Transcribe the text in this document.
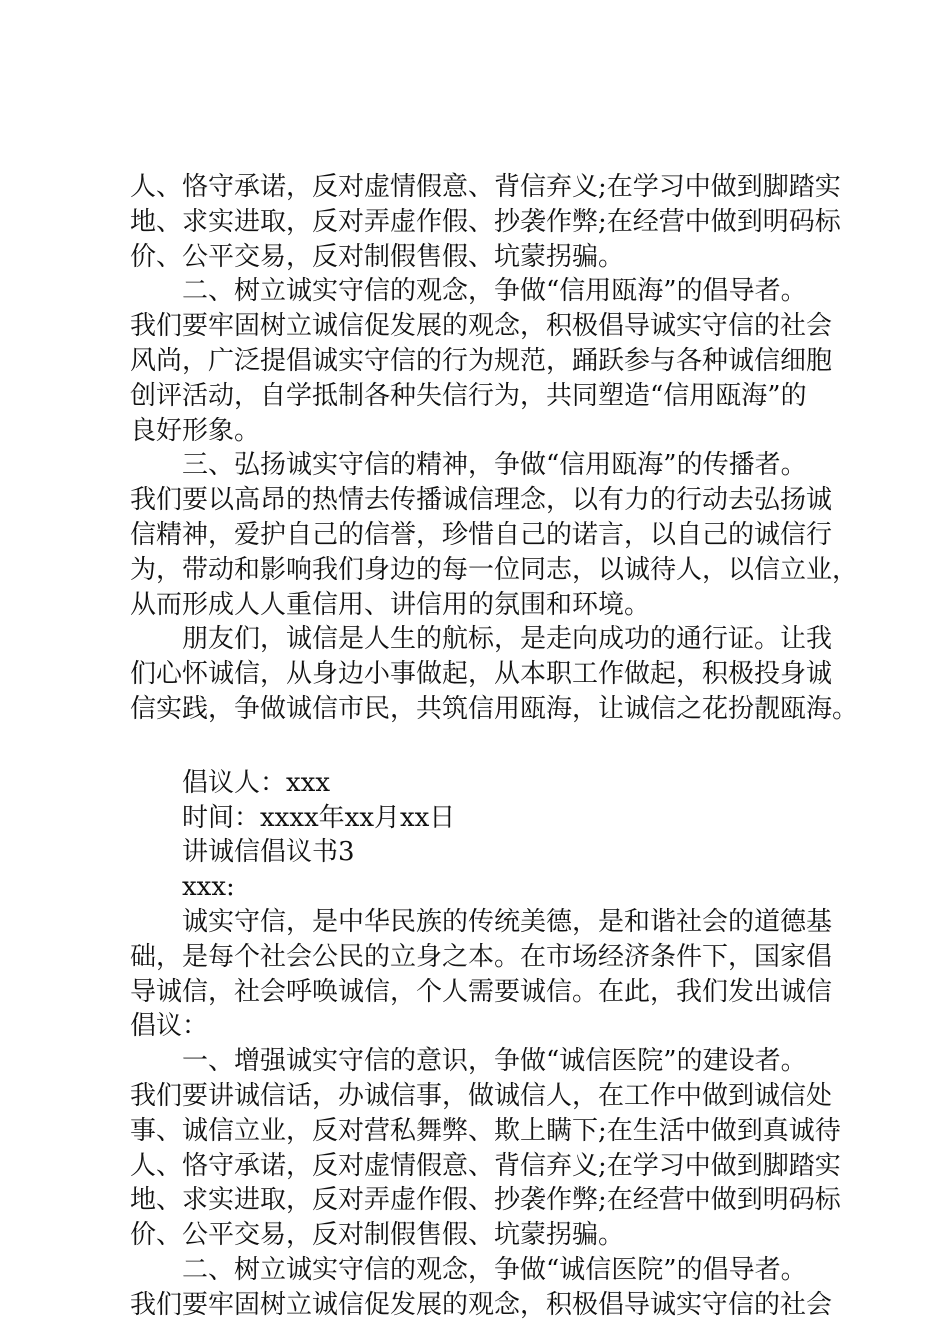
人、恪守承诺，反对虚情假意、背信弃义;在学习中做到脚踏实
地、求实进取，反对弄虚作假、抄袭作弊;在经营中做到明码标
价、公平交易，反对制假售假、坑蒙拐骗。
二、树立诚实守信的观念，争做“信用瓯海”的倡导者。
我们要牢固树立诚信促发展的观念，积极倡导诚实守信的社会
风尚，广泛提倡诚实守信的行为规范，踊跃参与各种诚信细胞
创评活动，自学抵制各种失信行为，共同塑造“信用瓯海”的
良好形象。
三、弘扬诚实守信的精神，争做“信用瓯海”的传播者。
我们要以高昂的热情去传播诚信理念，以有力的行动去弘扬诚
信精神，爱护自己的信誉，珍惜自己的诺言，以自己的诚信行
为，带动和影响我们身边的每一位同志，以诚待人，以信立业，
从而形成人人重信用、讲信用的氛围和环境。
朋友们，诚信是人生的航标，是走向成功的通行证。让我
们心怀诚信，从身边小事做起，从本职工作做起，积极投身诚
信实践，争做诚信市民，共筑信用瓯海，让诚信之花扮靓瓯海。
倡议人：xxx
时间：xxxx年xx月xx日
讲诚信倡议书3
xxx:
诚实守信，是中华民族的传统美德，是和谐社会的道德基
础，是每个社会公民的立身之本。在市场经济条件下，国家倡
导诚信，社会呼唤诚信，个人需要诚信。在此，我们发出诚信
倡议：
一、增强诚实守信的意识，争做“诚信医院”的建设者。
我们要讲诚信话，办诚信事，做诚信人，在工作中做到诚信处
事、诚信立业，反对营私舞弊、欺上瞒下;在生活中做到真诚待
人、恪守承诺，反对虚情假意、背信弃义;在学习中做到脚踏实
地、求实进取，反对弄虚作假、抄袭作弊;在经营中做到明码标
价、公平交易，反对制假售假、坑蒙拐骗。
二、树立诚实守信的观念，争做“诚信医院”的倡导者。
我们要牢固树立诚信促发展的观念，积极倡导诚实守信的社会
